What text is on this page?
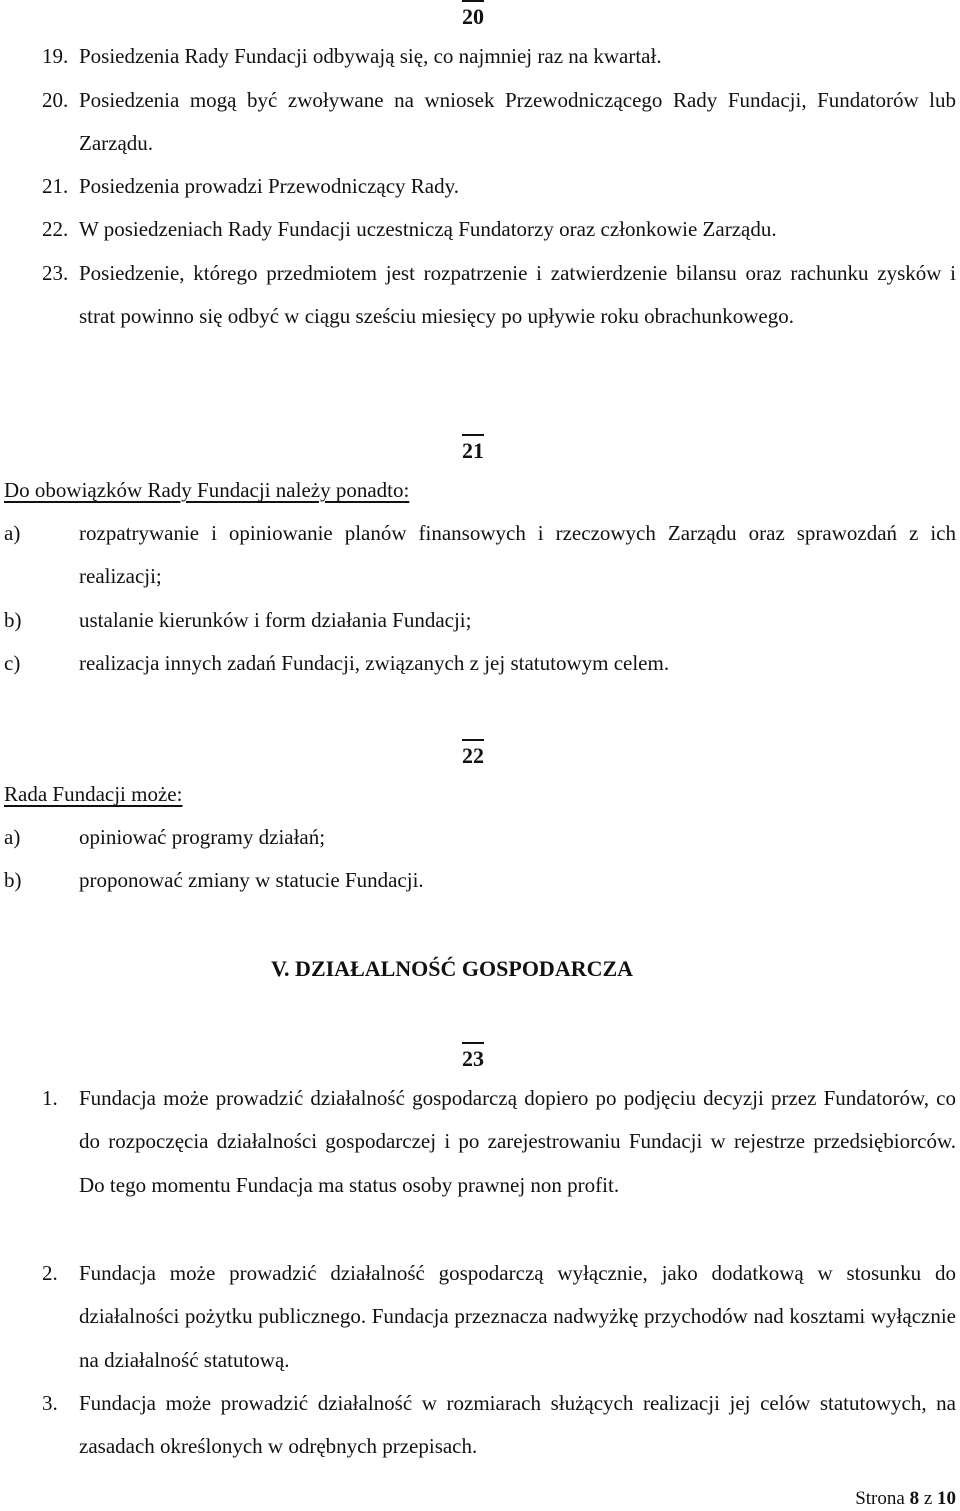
20
19. Posiedzenia Rady Fundacji odbywają się, co najmniej raz na kwartał.
20. Posiedzenia mogą być zwoływane na wniosek Przewodniczącego Rady Fundacji, Fundatorów lub Zarządu.
21. Posiedzenia prowadzi Przewodniczący Rady.
22. W posiedzeniach Rady Fundacji uczestniczą Fundatorzy oraz członkowie Zarządu.
23. Posiedzenie, którego przedmiotem jest rozpatrzenie i zatwierdzenie bilansu oraz rachunku zysków i strat powinno się odbyć w ciągu sześciu miesięcy po upływie roku obrachunkowego.
21
Do obowiązków Rady Fundacji należy ponadto:
a)	rozpatrywanie i opiniowanie planów finansowych i rzeczowych Zarządu oraz sprawozdań z ich realizacji;
b)	ustalanie kierunków i form działania Fundacji;
c)	realizacja innych zadań Fundacji, związanych z jej statutowym celem.
22
Rada Fundacji może:
a)	opiniować programy działań;
b)	proponować zmiany w statucie Fundacji.
V. DZIAŁALNOŚĆ GOSPODARCZA
23
1. Fundacja może prowadzić działalność gospodarczą dopiero po podjęciu decyzji przez Fundatorów, co do rozpoczęcia działalności gospodarczej i po zarejestrowaniu Fundacji w rejestrze przedsiębiorców. Do tego momentu Fundacja ma status osoby prawnej non profit.
2. Fundacja może prowadzić działalność gospodarczą wyłącznie, jako dodatkową w stosunku do działalności pożytku publicznego. Fundacja przeznacza nadwyżkę przychodów nad kosztami wyłącznie na działalność statutową.
3. Fundacja może prowadzić działalność w rozmiarach służących realizacji jej celów statutowych, na zasadach określonych w odrębnych przepisach.
Strona 8 z 10
